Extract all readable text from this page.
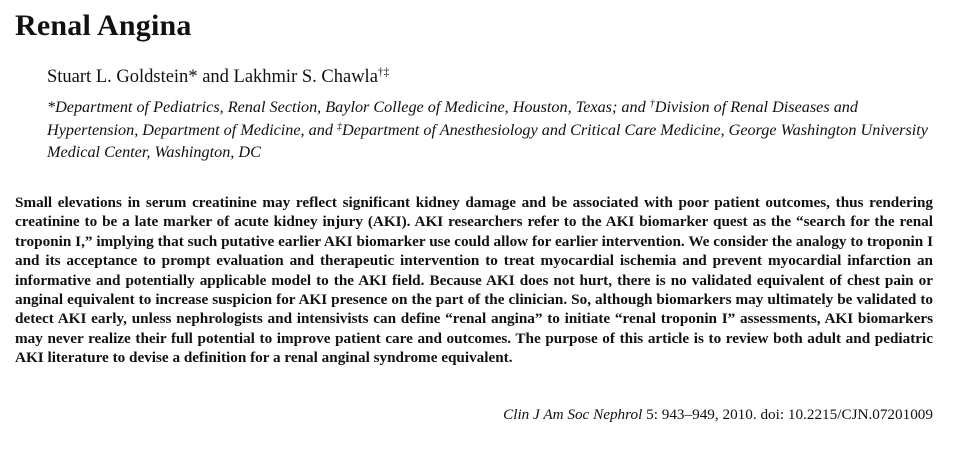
Renal Angina

Stuart L. Goldstein* and Lakhmir S. Chawla†‡

*Department of Pediatrics, Renal Section, Baylor College of Medicine, Houston, Texas; and †Division of Renal Diseases and Hypertension, Department of Medicine, and ‡Department of Anesthesiology and Critical Care Medicine, George Washington University Medical Center, Washington, DC

Small elevations in serum creatinine may reflect significant kidney damage and be associated with poor patient outcomes, thus rendering creatinine to be a late marker of acute kidney injury (AKI). AKI researchers refer to the AKI biomarker quest as the “search for the renal troponin I,” implying that such putative earlier AKI biomarker use could allow for earlier intervention. We consider the analogy to troponin I and its acceptance to prompt evaluation and therapeutic intervention to treat myocardial ischemia and prevent myocardial infarction an informative and potentially applicable model to the AKI field. Because AKI does not hurt, there is no validated equivalent of chest pain or anginal equivalent to increase suspicion for AKI presence on the part of the clinician. So, although biomarkers may ultimately be validated to detect AKI early, unless nephrologists and intensivists can define “renal angina” to initiate “renal troponin I” assessments, AKI biomarkers may never realize their full potential to improve patient care and outcomes. The purpose of this article is to review both adult and pediatric AKI literature to devise a definition for a renal anginal syndrome equivalent.

Clin J Am Soc Nephrol 5: 943–949, 2010. doi: 10.2215/CJN.07201009
